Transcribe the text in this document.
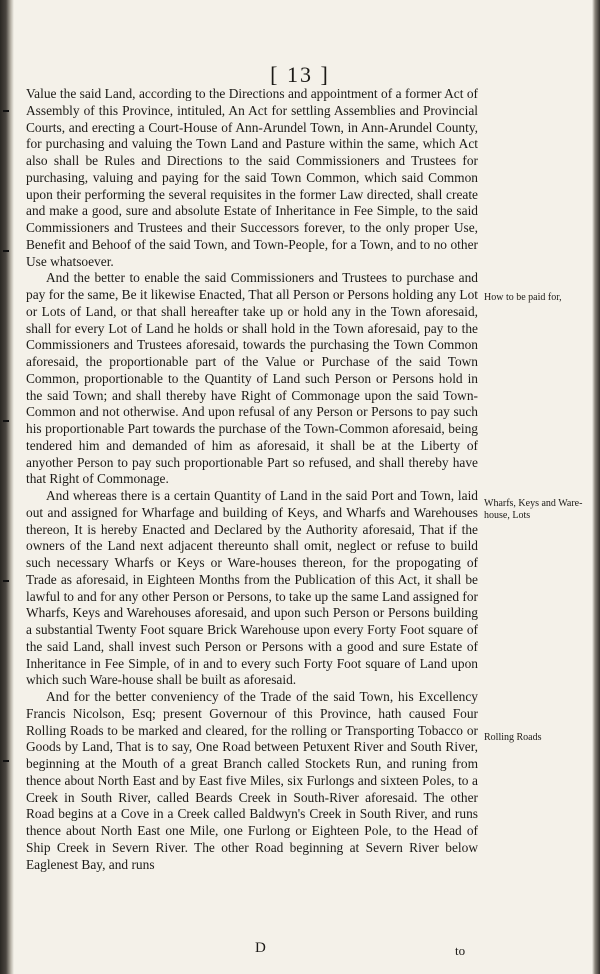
[ 13 ]

Value the said Land, according to the Directions and appointment of a former Act of Assembly of this Province, intituled, An Act for settling Assemblies and Provincial Courts, and erecting a Court-House of Ann-Arundel Town, in Ann-Arundel County, for purchasing and valuing the Town Land and Pasture within the same, which Act also shall be Rules and Directions to the said Commissioners and Trustees for purchasing, valuing and paying for the said Town Common, which said Common upon their performing the several requisites in the former Law directed, shall create and make a good, sure and absolute Estate of Inheritance in Fee Simple, to the said Commissioners and Trustees and their Successors forever, to the only proper Use, Benefit and Behoof of the said Town, and Town-People, for a Town, and to no other Use whatsoever.

And the better to enable the said Commissioners and Trustees to purchase and pay for the same, Be it likewise Enacted, That all Person or Persons holding any Lot or Lots of Land, or that shall hereafter take up or hold any in the Town aforesaid, shall for every Lot of Land he holds or shall hold in the Town aforesaid, pay to the Commissioners and Trustees aforesaid, towards the purchasing the Town Common aforesaid, the proportionable part of the Value or Purchase of the said Town Common, proportionable to the Quantity of Land such Person or Persons hold in the said Town; and shall thereby have Right of Commonage upon the said Town-Common and not otherwise. And upon refusal of any Person or Persons to pay such his proportionable Part towards the purchase of the Town-Common aforesaid, being tendered him and demanded of him as aforesaid, it shall be at the Liberty of anyother Person to pay such proportionable Part so refused, and shall thereby have that Right of Commonage.

And whereas there is a certain Quantity of Land in the said Port and Town, laid out and assigned for Wharfage and building of Keys, and Wharfs and Warehouses thereon, It is hereby Enacted and Declared by the Authority aforesaid, That if the owners of the Land next adjacent thereunto shall omit, neglect or refuse to build such necessary Wharfs or Keys or Ware-houses thereon, for the propogating of Trade as aforesaid, in Eighteen Months from the Publication of this Act, it shall be lawful to and for any other Person or Persons, to take up the same Land assigned for Wharfs, Keys and Warehouses aforesaid, and upon such Person or Persons building a substantial Twenty Foot square Brick Warehouse upon every Forty Foot square of the said Land, shall invest such Person or Persons with a good and sure Estate of Inheritance in Fee Simple, of in and to every such Forty Foot square of Land upon which such Ware-house shall be built as aforesaid.

And for the better conveniency of the Trade of the said Town, his Excellency Francis Nicolson, Esq; present Governour of this Province, hath caused Four Rolling Roads to be marked and cleared, for the rolling or Transporting Tobacco or Goods by Land, That is to say, One Road between Petuxent River and South River, beginning at the Mouth of a great Branch called Stockets Run, and runing from thence about North East and by East five Miles, six Furlongs and sixteen Poles, to a Creek in South River, called Beards Creek in South-River aforesaid. The other Road begins at a Cove in a Creek called Baldwyn's Creek in South River, and runs thence about North East one Mile, one Furlong or Eighteen Pole, to the Head of Ship Creek in Severn River. The other Road beginning at Severn River below Eaglenest Bay, and runs

How to be paid for,
Wharfs, Keys and Ware-house, Lots
Rolling Roads
D	to
